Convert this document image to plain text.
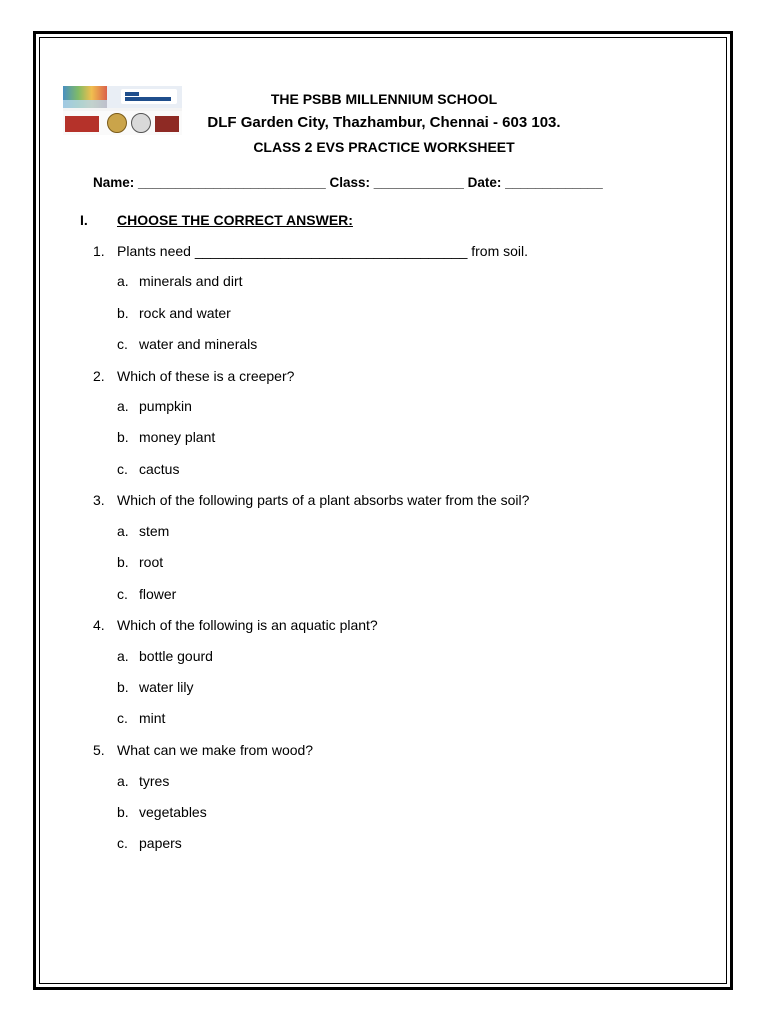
THE PSBB MILLENNIUM SCHOOL
DLF Garden City, Thazhambur, Chennai - 603 103.
CLASS 2 EVS PRACTICE WORKSHEET
Name: _________________________ Class: ____________ Date: _____________
I. CHOOSE THE CORRECT ANSWER:
1. Plants need ___________________________________ from soil.
a. minerals and dirt
b. rock and water
c. water and minerals
2. Which of these is a creeper?
a. pumpkin
b. money plant
c. cactus
3. Which of the following parts of a plant absorbs water from the soil?
a. stem
b. root
c. flower
4. Which of the following is an aquatic plant?
a. bottle gourd
b. water lily
c. mint
5. What can we make from wood?
a. tyres
b. vegetables
c. papers
